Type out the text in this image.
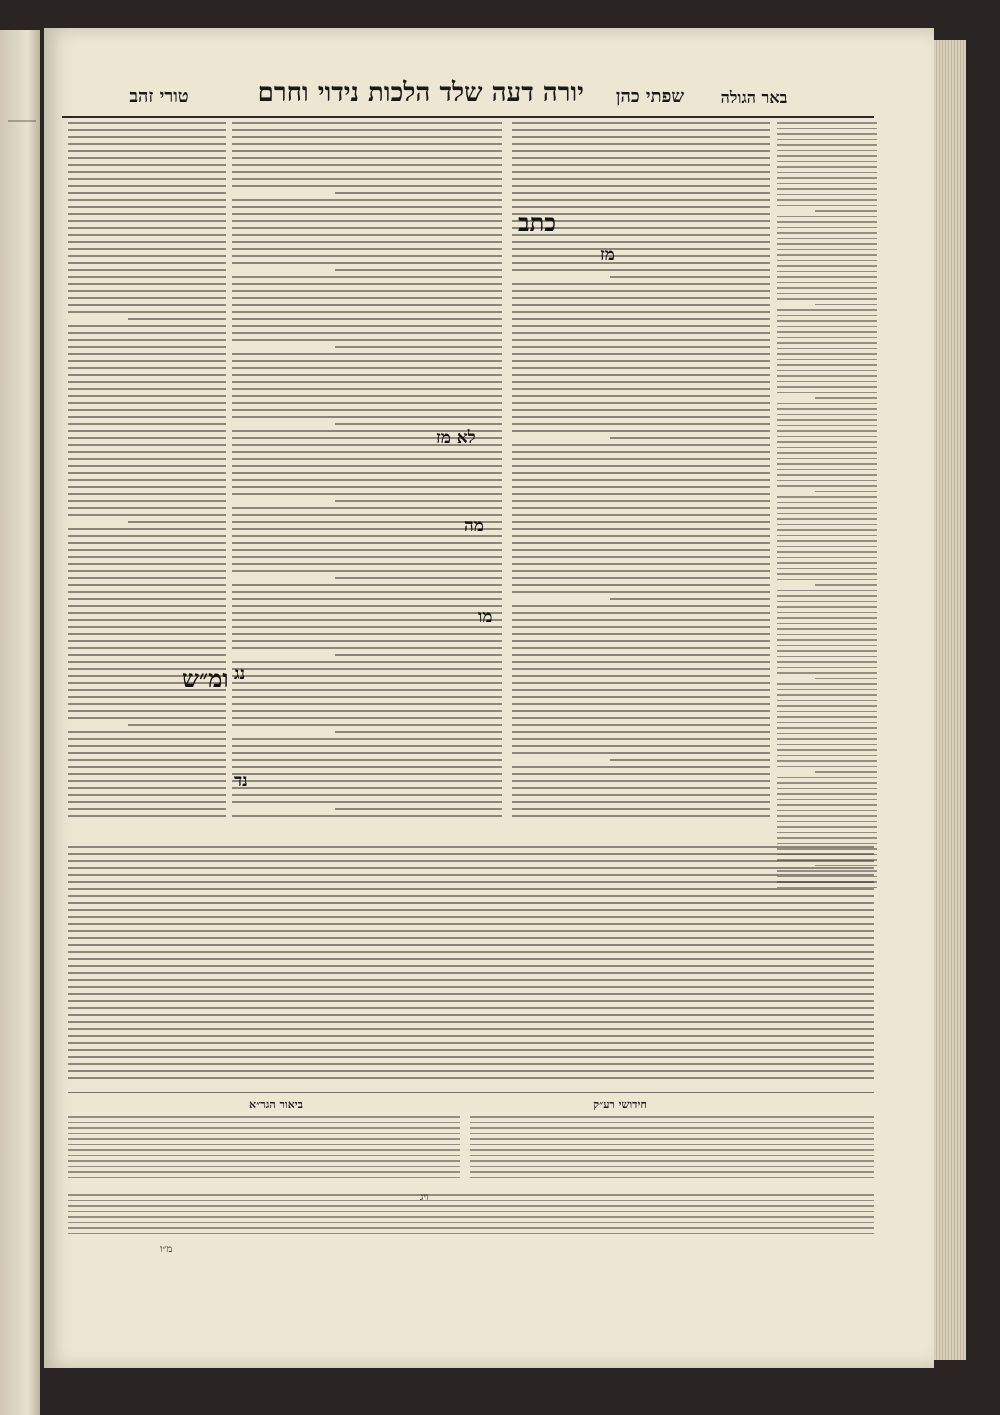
טורי זהב	יורה דעה שלד הלכות נידוי וחרם	שפתי כהן	באר הגולה
כתב
לא מז
מה
מו
מז
נג
נד
ומ״ש
חידושי רע״ק
ביאור הגר״א
ויג
מ״ו
